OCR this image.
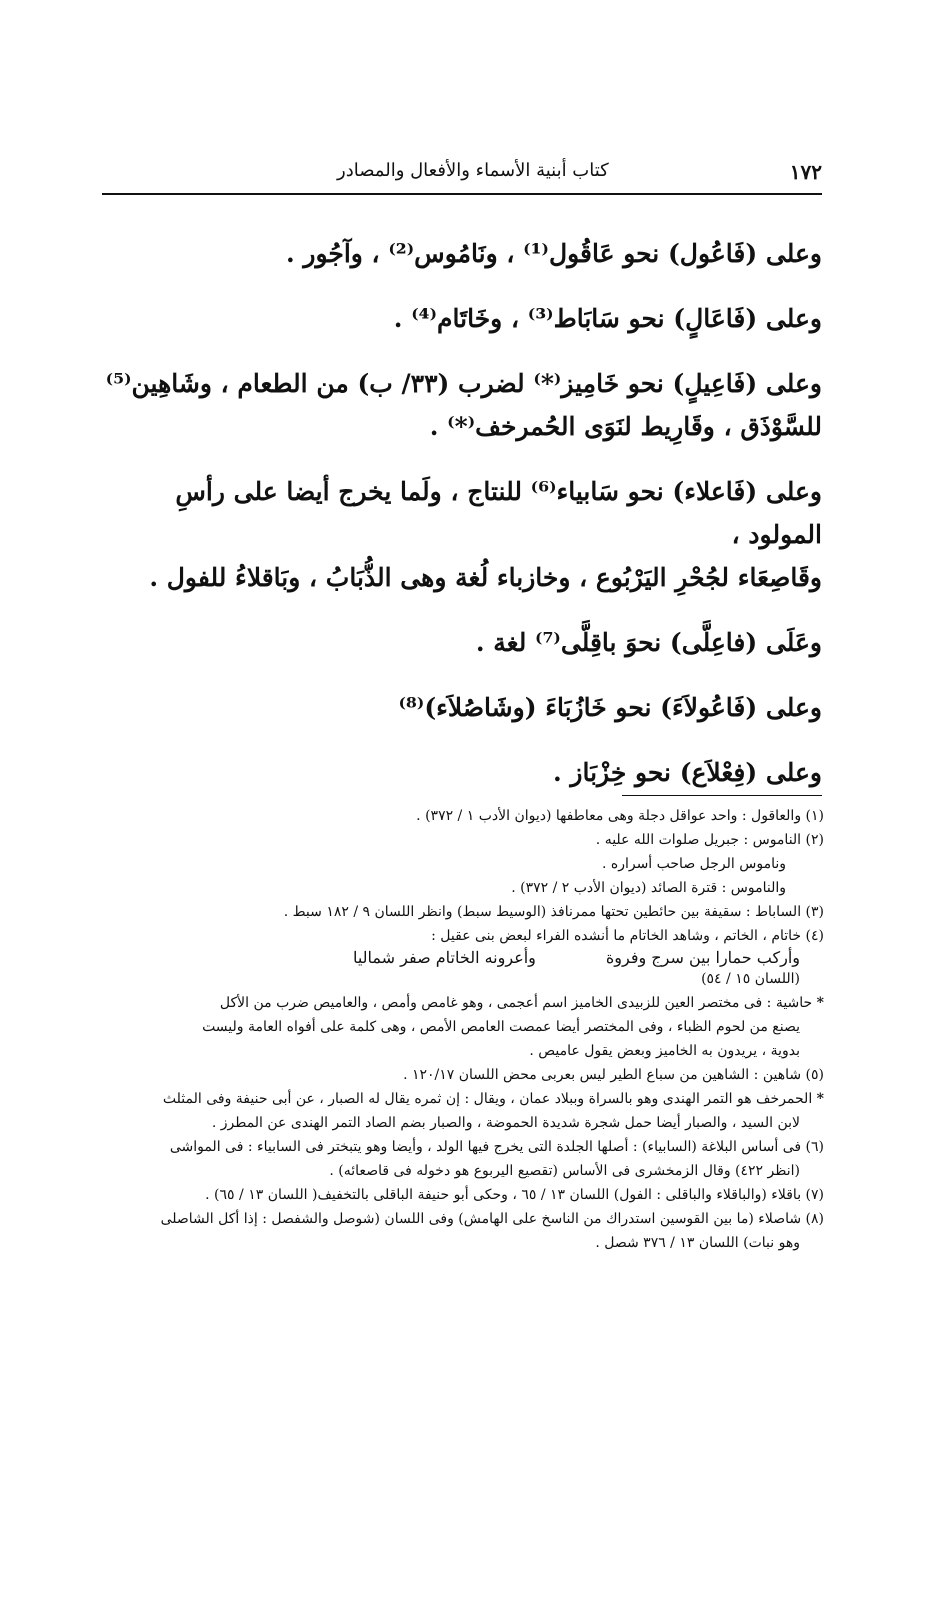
١٧٢
كتاب أبنية الأسماء والأفعال والمصادر

وعلى (فَاعُول) نحو عَاقُول⁽¹⁾ ، ونَامُوس⁽²⁾ ، وآجُور .

وعلى (فَاعَالٍ) نحو سَابَاط⁽³⁾ ، وخَاتَام⁽⁴⁾ .

وعلى (فَاعِيلٍ) نحو خَامِيز⁽*⁾ لضرب (٣٣/ ب) من الطعام ، وشَاهِين⁽⁵⁾

للسَّوْذَق ، وقَارِيط لنَوَى الحُمرخف⁽*⁾ .

وعلى (فَاعلاء) نحو سَابياء⁽⁶⁾ للنتاج ، ولَما يخرج أيضا على رأسِ المولود ،

وقَاصِعَاء لجُحْرِ اليَرْبُوع ، وخازباء لُغة وهى الذُّبَابُ ، وبَاقلاءُ للفول .

وعَلَى (فاعِلَّى) نحوَ باقِلَّى⁽⁷⁾ لغة .

وعلى (فَاعُولاَءَ) نحو خَازُبَاءَ (وشَاصُلاَء)⁽⁸⁾

وعلى (فِعْلاَع) نحو خِزْبَاز .

(١) والعاقول : واحد عواقل دجلة وهى معاطفها (ديوان الأدب ١ / ٣٧٢) .

(٢) الناموس : جبريل صلوات الله عليه .

وناموس الرجل صاحب أسراره .

والناموس : قترة الصائد (ديوان الأدب ٢ / ٣٧٢) .

(٣) الساباط : سقيفة بين حائطين تحتها ممرنافذ (الوسيط سبط) وانظر اللسان ٩ / ١٨٢ سبط .

(٤) خاتام ، الخاتم ، وشاهد الخاتام ما أنشده الفراء لبعض بنى عقيل :

وأركب حمارا بين سرج وفروة
وأعرونه الخاتام صفر شماليا

(اللسان ١٥ / ٥٤)

* حاشية : فى مختصر العين للزبيدى الخاميز اسم أعجمى ، وهو غامص وأمص ، والعاميص ضرب من الأكل

يصنع من لحوم الظباء ، وفى المختصر أيضا عمصت العامص الأمص ، وهى كلمة على أفواه العامة وليست

بدوية ، يريدون به الخاميز وبعض يقول عاميص .

(٥) شاهين : الشاهين من سباع الطير ليس بعربى محض اللسان ١٢٠/١٧ .

* الحمرخف هو التمر الهندى وهو بالسراة وببلاد عمان ، ويقال : إن ثمره يقال له الصبار ، عن أبى حنيفة وفى المثلث

لابن السيد ، والصبار أيضا حمل شجرة شديدة الحموضة ، والصبار بضم الصاد التمر الهندى عن المطرز .

(٦) فى أساس البلاغة (السابياء) : أصلها الجلدة التى يخرج فيها الولد ، وأيضا وهو يتبختر فى السابياء : فى المواشى

(انظر ٤٢٢) وقال الزمخشرى فى الأساس (تقصيع اليربوع هو دخوله فى قاصعائه) .

(٧) باقلاء (والباقلاء والباقلى : الفول) اللسان ١٣ / ٦٥ ، وحكى أبو حنيفة الباقلى بالتخفيف( اللسان ١٣ / ٦٥) .

(٨) شاصلاء (ما بين القوسين استدراك من الناسخ على الهامش) وفى اللسان (شوصل والشفصل : إذا أكل الشاصلى

وهو نبات) اللسان ١٣ / ٣٧٦ شصل .
